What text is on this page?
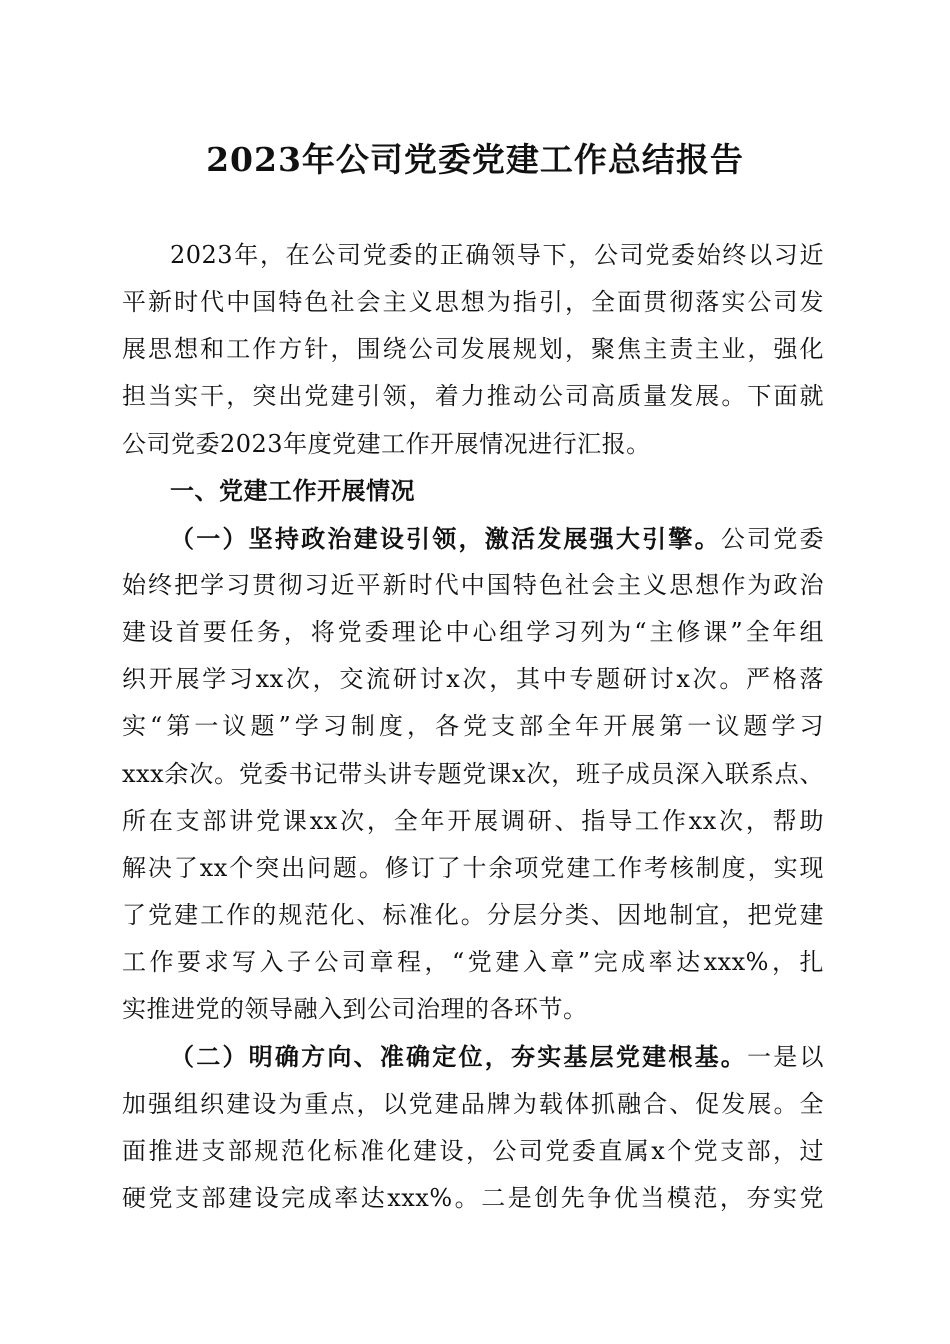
2023年公司党委党建工作总结报告
2023年，在公司党委的正确领导下，公司党委始终以习近
平新时代中国特色社会主义思想为指引，全面贯彻落实公司发
展思想和工作方针，围绕公司发展规划，聚焦主责主业，强化
担当实干，突出党建引领，着力推动公司高质量发展。下面就
公司党委2023年度党建工作开展情况进行汇报。
一、党建工作开展情况
（一）坚持政治建设引领，激活发展强大引擎。公司党委
始终把学习贯彻习近平新时代中国特色社会主义思想作为政治
建设首要任务，将党委理论中心组学习列为“主修课”全年组
织开展学习xx次，交流研讨x次，其中专题研讨x次。严格落
实“第一议题”学习制度，各党支部全年开展第一议题学习
xxx余次。党委书记带头讲专题党课x次，班子成员深入联系点、
所在支部讲党课xx次，全年开展调研、指导工作xx次，帮助
解决了xx个突出问题。修订了十余项党建工作考核制度，实现
了党建工作的规范化、标准化。分层分类、因地制宜，把党建
工作要求写入子公司章程，“党建入章”完成率达xxx%，扎
实推进党的领导融入到公司治理的各环节。
（二）明确方向、准确定位，夯实基层党建根基。一是以
加强组织建设为重点，以党建品牌为载体抓融合、促发展。全
面推进支部规范化标准化建设，公司党委直属x个党支部，过
硬党支部建设完成率达xxx%。二是创先争优当模范，夯实党
